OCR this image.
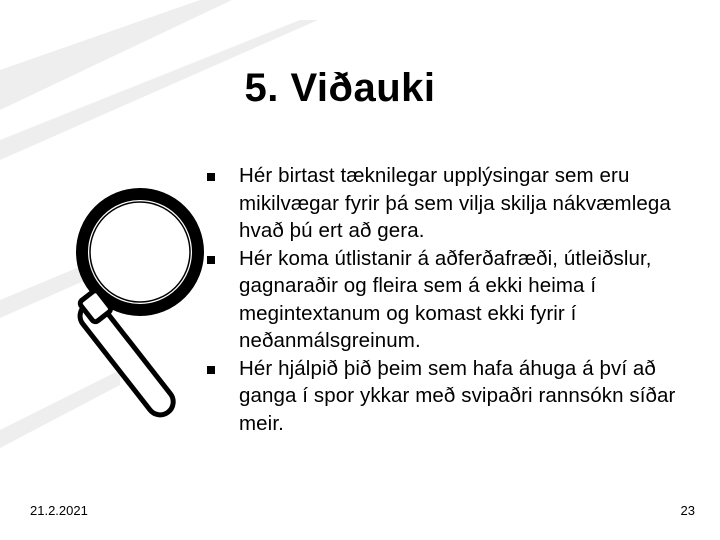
5. Viðauki
Hér birtast tæknilegar upplýsingar sem eru mikilvægar fyrir þá sem vilja skilja nákvæmlega hvað þú ert að gera.
Hér koma útlistanir á aðferðafræði, útleiðslur, gagnaraðir og fleira sem á ekki heima í megintextanum og komast ekki fyrir í neðanmálsgreinum.
Hér hjálpið þið þeim sem hafa áhuga á því að ganga í spor ykkar með svipaðri rannsókn síðar meir.
21.2.2021	23
